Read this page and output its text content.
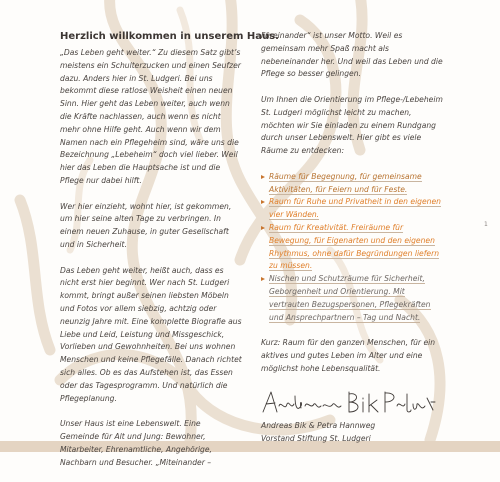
Herzlich willkommen in unserem Haus.

„Das Leben geht weiter.“ Zu diesem Satz gibt’s meistens ein Schulterzucken und einen Seufzer dazu. Anders hier in St. Ludgeri. Bei uns bekommt diese ratlose Weisheit einen neuen Sinn. Hier geht das Leben weiter, auch wenn die Kräfte nachlassen, auch wenn es nicht mehr ohne Hilfe geht. Auch wenn wir dem Namen nach ein Pflegeheim sind, wäre uns die Bezeichnung „Lebeheim“ doch viel lieber. Weil hier das Leben die Hauptsache ist und die Pflege nur dabei hilft.

Wer hier einzieht, wohnt hier, ist gekommen, um hier seine alten Tage zu verbringen. In einem neuen Zuhause, in guter Gesellschaft und in Sicherheit.

Das Leben geht weiter, heißt auch, dass es nicht erst hier beginnt. Wer nach St. Ludgeri kommt, bringt außer seinen liebsten Möbeln und Fotos vor allem siebzig, achtzig oder neunzig Jahre mit. Eine komplette Biografie aus Liebe und Leid, Leistung und Missgeschick, Vorlieben und Gewohnheiten. Bei uns wohnen Menschen und keine Pflegefälle. Danach richtet sich alles. Ob es das Aufstehen ist, das Essen oder das Tagesprogramm. Und natürlich die Pflegeplanung.

Unser Haus ist eine Lebenswelt. Eine Gemeinde für Alt und Jung: Bewohner, Mitarbeiter, Ehrenamtliche, Angehörige, Nachbarn und Besucher. „Miteinander –

Füreinander“ ist unser Motto. Weil es gemeinsam mehr Spaß macht als nebeneinander her. Und weil das Leben und die Pflege so besser gelingen.

Um Ihnen die Orientierung im Pflege-/Lebeheim St. Ludgeri möglichst leicht zu machen, möchten wir Sie einladen zu einem Rundgang durch unser Lebenswelt. Hier gibt es viele Räume zu entdecken:

Räume für Begegnung, für gemeinsame Aktivitäten, für Feiern und für Feste.
Raum für Ruhe und Privatheit in den eigenen vier Wänden.
Raum für Kreativität. Freiräume für Bewegung, für Eigenarten und den eigenen Rhythmus, ohne dafür Begründungen liefern zu müssen.
Nischen und Schutzräume für Sicherheit, Geborgenheit und Orientierung. Mit vertrauten Bezugspersonen, Pflegekräften und Ansprechpartnern – Tag und Nacht.

Kurz: Raum für den ganzen Menschen, für ein aktives und gutes Leben im Alter und eine möglichst hohe Lebensqualität.

Andreas Bik & Petra Hannweg

Vorstand Stiftung St. Ludgeri

1
